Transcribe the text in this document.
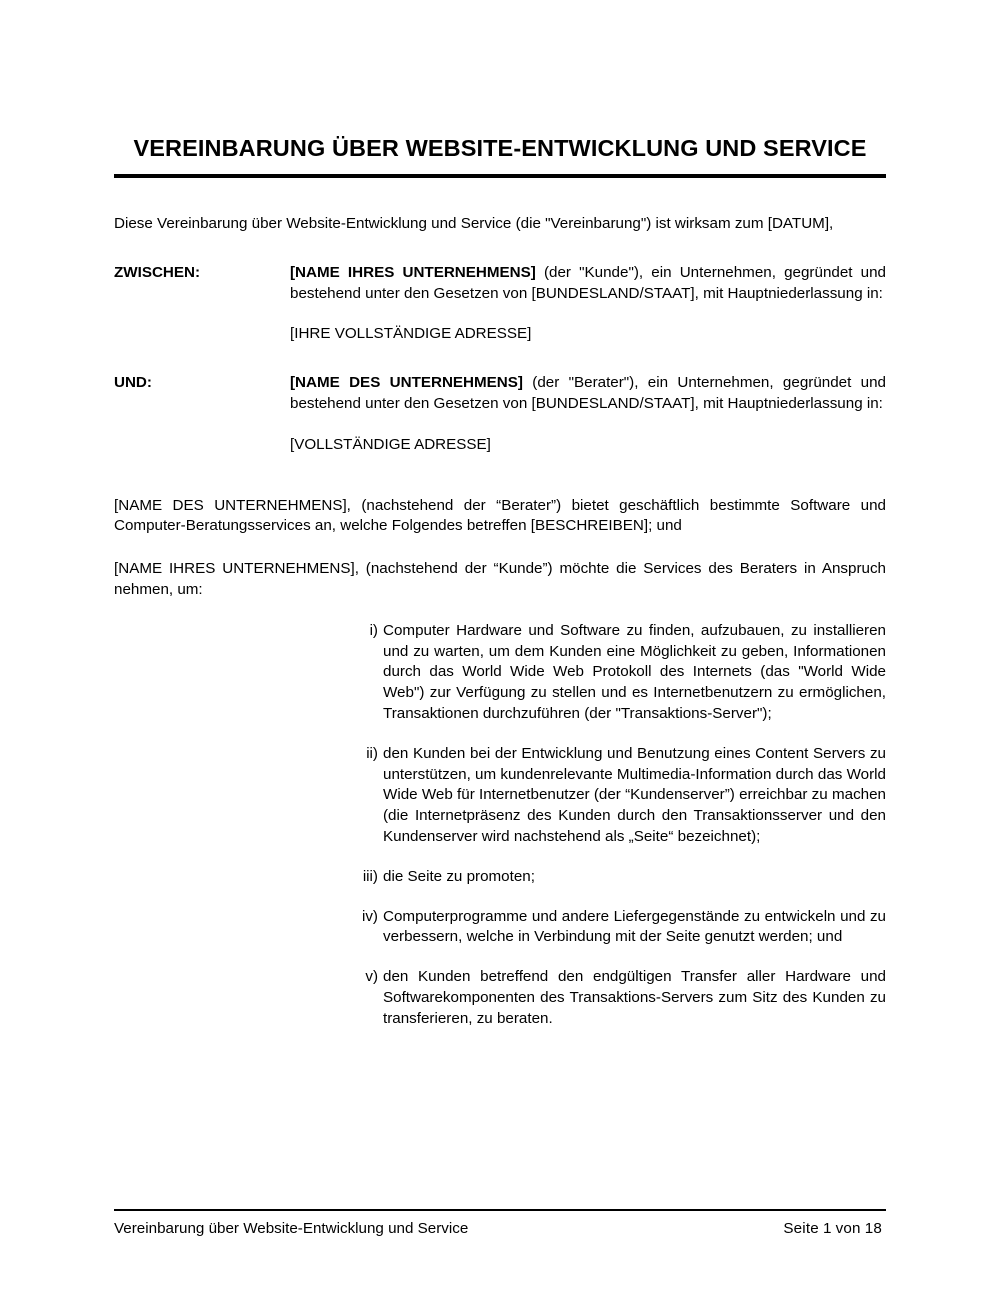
VEREINBARUNG ÜBER WEBSITE-ENTWICKLUNG UND SERVICE

Diese Vereinbarung über Website-Entwicklung und Service (die "Vereinbarung") ist wirksam zum [DATUM],

ZWISCHEN:	[NAME IHRES UNTERNEHMENS] (der "Kunde"), ein Unternehmen, gegründet und bestehend unter den Gesetzen von [BUNDESLAND/STAAT], mit Hauptniederlassung in:
[IHRE VOLLSTÄNDIGE ADRESSE]
UND:	[NAME DES UNTERNEHMENS] (der "Berater"), ein Unternehmen, gegründet und bestehend unter den Gesetzen von [BUNDESLAND/STAAT], mit Hauptniederlassung in:
[VOLLSTÄNDIGE ADRESSE]

[NAME DES UNTERNEHMENS], (nachstehend der “Berater”) bietet geschäftlich bestimmte Software und Computer-Beratungsservices an, welche Folgendes betreffen [BESCHREIBEN]; und

[NAME IHRES UNTERNEHMENS], (nachstehend der “Kunde”) möchte die Services des Beraters in Anspruch nehmen, um:

i) Computer Hardware und Software zu finden, aufzubauen, zu installieren und zu warten, um dem Kunden eine Möglichkeit zu geben, Informationen durch das World Wide Web Protokoll des Internets (das "World Wide Web") zur Verfügung zu stellen und es Internetbenutzern zu ermöglichen, Transaktionen durchzuführen (der "Transaktions-Server");
ii) den Kunden bei der Entwicklung und Benutzung eines Content Servers zu unterstützen, um kundenrelevante Multimedia-Information durch das World Wide Web für Internetbenutzer (der “Kundenserver”) erreichbar zu machen (die Internetpräsenz des Kunden durch den Transaktionsserver und den Kundenserver wird nachstehend als „Seite“ bezeichnet);
iii) die Seite zu promoten;
iv) Computerprogramme und andere Liefergegenstände zu entwickeln und zu verbessern, welche in Verbindung mit der Seite genutzt werden; und
v) den Kunden betreffend den endgültigen Transfer aller Hardware und Softwarekomponenten des Transaktions-Servers zum Sitz des Kunden zu transferieren, zu beraten.
Vereinbarung über Website-Entwicklung und Service	Seite 1 von 18
